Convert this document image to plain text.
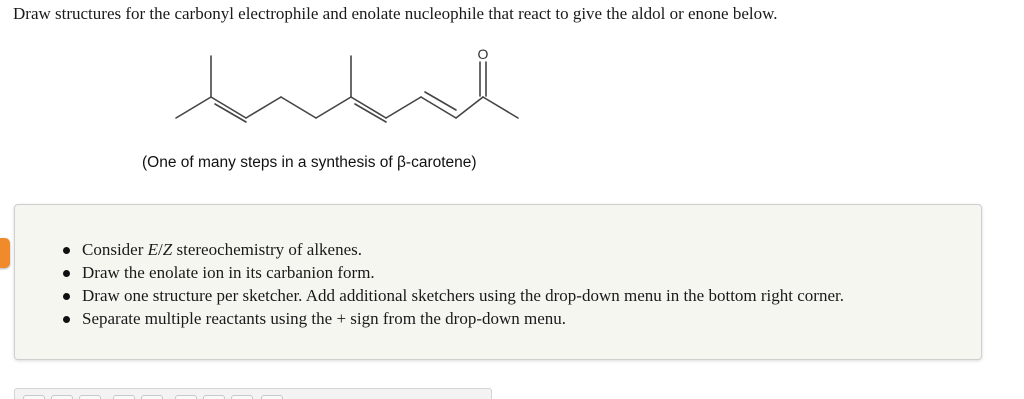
Draw structures for the carbonyl electrophile and enolate nucleophile that react to give the aldol or enone below.
O
(One of many steps in a synthesis of β-carotene)
Consider E/Z stereochemistry of alkenes.
Draw the enolate ion in its carbanion form.
Draw one structure per sketcher. Add additional sketchers using the drop-down menu in the bottom right corner.
Separate multiple reactants using the + sign from the drop-down menu.
